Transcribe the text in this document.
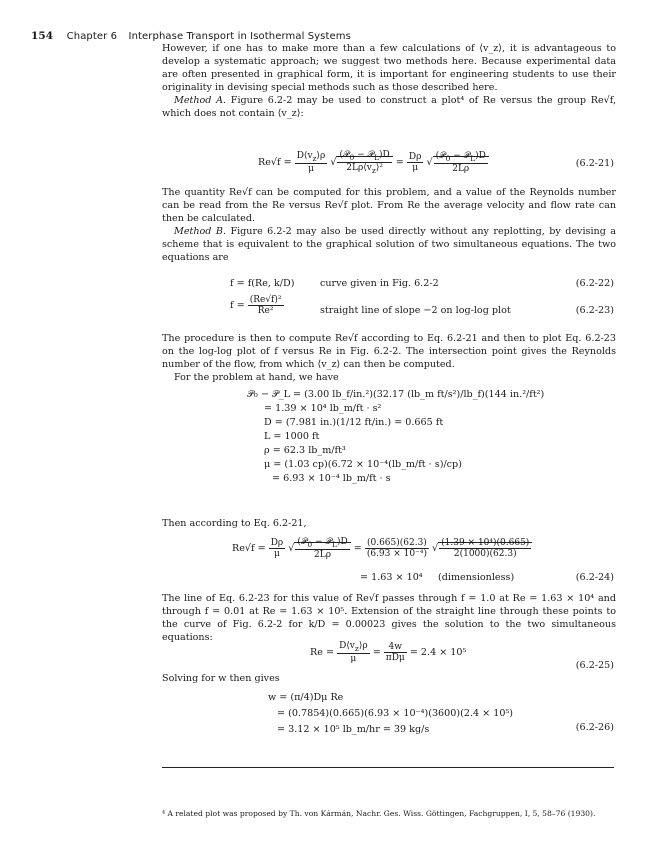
154 Chapter 6 Interphase Transport in Isothermal Systems
However, if one has to make more than a few calculations of ⟨v_z⟩, it is advantageous to develop a systematic approach; we suggest two methods here. Because experimental data are often presented in graphical form, it is important for engineering students to use their originality in devising special methods such as those described here.
Method A. Figure 6.2-2 may be used to construct a plot⁴ of Re versus the group Re√f, which does not contain ⟨v_z⟩:
$Re√f = \frac{D⟨v_z⟩\rho}{\mu}$ √ $\frac{(𝒫_0 - 𝒫_L)D}{2L\rho⟨v_z⟩^2} = \frac{D\rho}{\mu}$ √ $\frac{(𝒫_0 - 𝒫_L)D}{2L\rho}$	(6.2-21)
The quantity Re√f can be computed for this problem, and a value of the Reynolds number can be read from the Re versus Re√f plot. From Re the average velocity and flow rate can then be calculated.
Method B. Figure 6.2-2 may also be used directly without any replotting, by devising a scheme that is equivalent to the graphical solution of two simultaneous equations. The two equations are
f = f(Re, k/D)	curve given in Fig. 6.2-2	(6.2-22)
$f = \frac{\text{(Re√f)²}}{\text{Re²}}$	straight line of slope −2 on log-log plot	(6.2-23)
The procedure is then to compute Re√f according to Eq. 6.2-21 and then to plot Eq. 6.2-23 on the log-log plot of f versus Re in Fig. 6.2-2. The intersection point gives the Reynolds number of the flow, from which ⟨v_z⟩ can then be computed.
For the problem at hand, we have
𝒫₀ − 𝒫_L = (3.00 lb_f/in.²)(32.17 (lb_m ft/s²)/lb_f)(144 in.²/ft²)
= 1.39 × 10⁴ lb_m/ft · s²
D = (7.981 in.)(1/12 ft/in.) = 0.665 ft
L = 1000 ft
ρ = 62.3 lb_m/ft³
μ = (1.03 cp)(6.72 × 10⁻⁴(lb_m/ft · s)/cp)
= 6.93 × 10⁻⁴ lb_m/ft · s
Then according to Eq. 6.2-21,
$Re√f = \frac{D\rho}{\mu}$ √ $\frac{(𝒫_0 - 𝒫_L)D}{2L\rho} = \frac{(0.665)(62.3)}{\text{(6.93 × 10⁻⁴)}}$ √ $\frac{\text{(1.39 × 10⁴)(0.665)}}{2(1000)(62.3)}$
= 1.63 × 10⁴ (dimensionless)	(6.2-24)
The line of Eq. 6.2-23 for this value of Re√f passes through f = 1.0 at Re = 1.63 × 10⁴ and through f = 0.01 at Re = 1.63 × 10⁵. Extension of the straight line through these points to the curve of Fig. 6.2-2 for k/D = 0.00023 gives the solution to the two simultaneous equations:
$Re = \frac{D⟨v_z⟩\rho}{\mu} = \frac{4w}{\text{πDμ}} = 2.4 \times 10^5$
(6.2-25)
Solving for w then gives
w = (π/4)Dμ Re
= (0.7854)(0.665)(6.93 × 10⁻⁴)(3600)(2.4 × 10⁵)
= 3.12 × 10⁵ lb_m/hr = 39 kg/s	(6.2-26)
⁴ A related plot was proposed by Th. von Kármán, Nachr. Ges. Wiss. Göttingen, Fachgruppen, I, 5, 58–76 (1930).
